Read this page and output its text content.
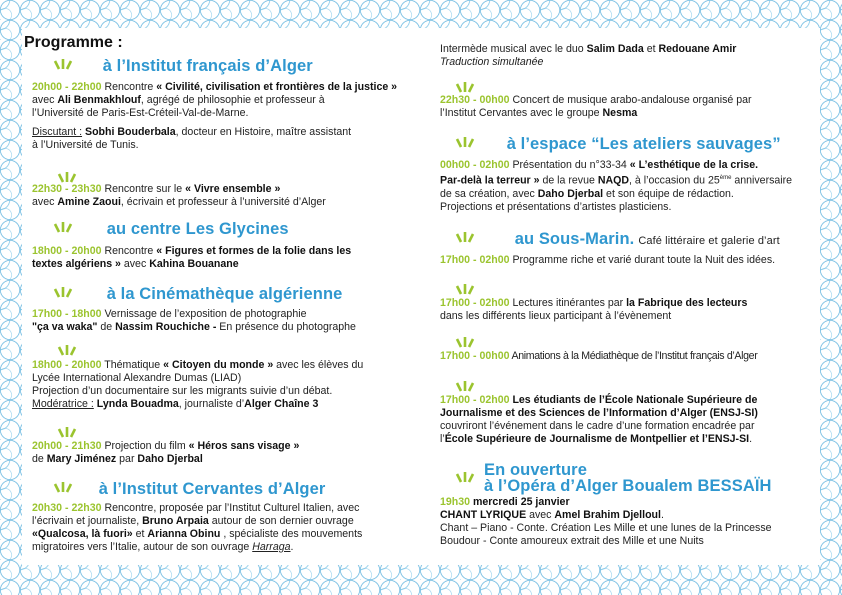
Programme :
à l’Institut français d’Alger
20h00 - 22h00 Rencontre « Civilité, civilisation et frontières de la justice »
avec Ali Benmakhlouf, agrégé de philosophie et professeur à
l’Université de Paris-Est-Créteil-Val-de-Marne.
Discutant : Sobhi Bouderbala, docteur en Histoire, maître assistant
à l’Université de Tunis.
22h30 - 23h30 Rencontre sur le « Vivre ensemble »
avec Amine Zaoui, écrivain et professeur à l’université d’Alger
au centre Les Glycines
18h00 - 20h00 Rencontre « Figures et formes de la folie dans les
textes algériens » avec Kahina Bouanane
à la Cinémathèque algérienne
17h00 - 18h00 Vernissage de l’exposition de photographie
"ça va waka" de Nassim Rouchiche - En présence du photographe
18h00 - 20h00 Thématique « Citoyen du monde » avec les élèves du
Lycée International Alexandre Dumas (LIAD)
Projection d’un documentaire sur les migrants suivie d’un débat.
Modératrice : Lynda Bouadma, journaliste d’Alger Chaîne 3
20h00 - 21h30 Projection du film « Héros sans visage »
de Mary Jiménez par Daho Djerbal
à l’Institut Cervantes d’Alger
20h30 - 22h30 Rencontre, proposée par l’Institut Culturel Italien, avec
l’écrivain et journaliste, Bruno Arpaia autour de son dernier ouvrage
«Qualcosa, là fuori» et Arianna Obinu , spécialiste des mouvements
migratoires vers l’Italie, autour de son ouvrage Harraga.
Intermède musical avec le duo Salim Dada et Redouane Amir
Traduction simultanée
22h30 - 00h00 Concert de musique arabo-andalouse organisé par
l’Institut Cervantes avec le groupe Nesma
à l’espace “Les ateliers sauvages”
00h00 - 02h00 Présentation du n°33-34 « L’esthétique de la crise.
Par-delà la terreur » de la revue NAQD, à l’occasion du 25ème anniversaire
de sa création, avec Daho Djerbal et son équipe de rédaction.
Projections et présentations d’artistes plasticiens.
au Sous-Marin. Café littéraire et galerie d’art
17h00 - 02h00 Programme riche et varié durant toute la Nuit des idées.
17h00 - 02h00 Lectures itinérantes par la Fabrique des lecteurs
dans les différents lieux participant à l’évènement
17h00 - 00h00 Animations à la Médiathèque de l’Institut français d’Alger
17h00 - 02h00 Les étudiants de l’École Nationale Supérieure de
Journalisme et des Sciences de l’Information d’Alger (ENSJ-SI)
couvriront l’événement dans le cadre d’une formation encadrée par
l’École Supérieure de Journalisme de Montpellier et l’ENSJ-SI.
En ouverture
à l’Opéra d’Alger Boualem BESSAÏH
19h30 mercredi 25 janvier
CHANT LYRIQUE avec Amel Brahim Djelloul.
Chant – Piano - Conte. Création Les Mille et une lunes de la Princesse
Boudour - Conte amoureux extrait des Mille et une Nuits
